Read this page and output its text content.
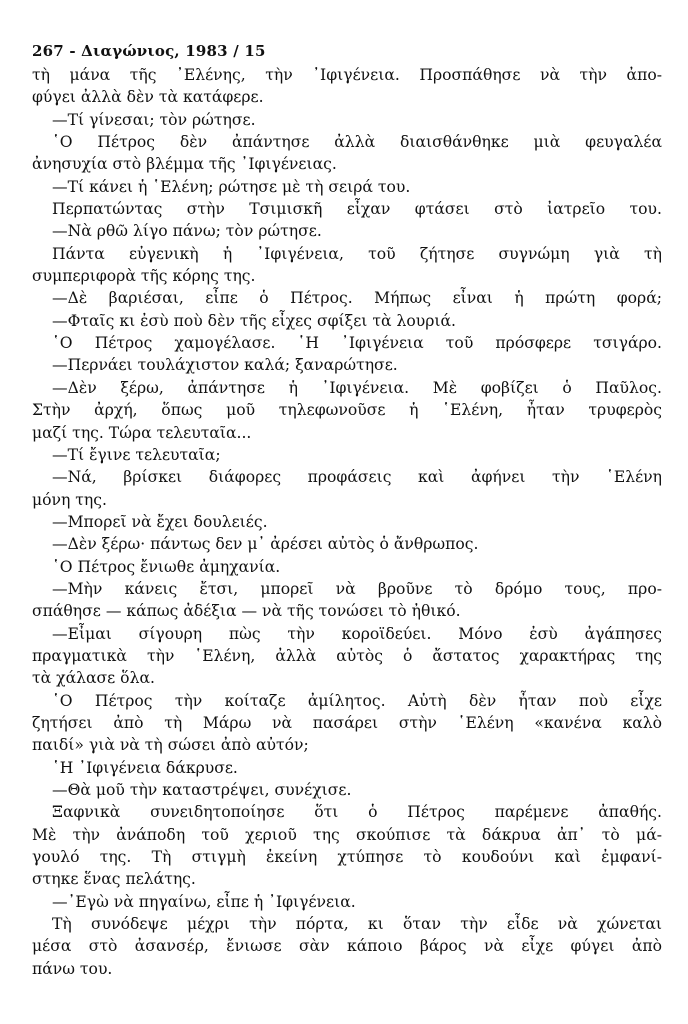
267 - Διαγώνιος, 1983 / 15
τὴ μάνα τῆς ᾿Ελένης, τὴν ᾿Ιφιγένεια. Προσπάθησε νὰ τὴν ἀπο-
φύγει ἀλλὰ δὲν τὰ κατάφερε.
—Τί γίνεσαι; τὸν ρώτησε.
῾Ο Πέτρος δὲν ἀπάντησε ἀλλὰ διαισθάνθηκε μιὰ φευγαλέα
ἀνησυχία στὸ βλέμμα τῆς ᾿Ιφιγένειας.
—Τί κάνει ἡ ῾Ελένη; ρώτησε μὲ τὴ σειρά του.
Περπατώντας στὴν Τσιμισκῆ εἶχαν φτάσει στὸ ἰατρεῖο του.
—Νὰ ρθῶ λίγο πάνω; τὸν ρώτησε.
Πάντα εὐγενικὴ ἡ ᾿Ιφιγένεια, τοῦ ζήτησε συγνώμη γιὰ τὴ
συμπεριφορὰ τῆς κόρης της.
—Δὲ βαριέσαι, εἶπε ὁ Πέτρος. Μήπως εἶναι ἡ πρώτη φορά;
—Φταῖς κι ἐσὺ ποὺ δὲν τῆς εἶχες σφίξει τὰ λουριά.
῾Ο Πέτρος χαμογέλασε. ῾Η ᾿Ιφιγένεια τοῦ πρόσφερε τσιγάρο.
—Περνάει τουλάχιστον καλά; ξαναρώτησε.
—Δὲν ξέρω, ἀπάντησε ἡ ᾿Ιφιγένεια. Μὲ φοβίζει ὁ Παῦλος.
Στὴν ἀρχή, ὅπως μοῦ τηλεφωνοῦσε ἡ ῾Ελένη, ἦταν τρυφερὸς
μαζί της. Τώρα τελευταῖα...
—Τί ἔγινε τελευταῖα;
—Νά, βρίσκει διάφορες προφάσεις καὶ ἀφήνει τὴν ῾Ελένη
μόνη της.
—Μπορεῖ νὰ ἔχει δουλειές.
—Δὲν ξέρω· πάντως δεν μ᾿ ἀρέσει αὐτὸς ὁ ἄνθρωπος.
῾Ο Πέτρος ἔνιωθε ἀμηχανία.
—Μὴν κάνεις ἔτσι, μπορεῖ νὰ βροῦνε τὸ δρόμο τους, προ-
σπάθησε — κάπως ἀδέξια — νὰ τῆς τονώσει τὸ ἠθικό.
—Εἶμαι σίγουρη πὼς τὴν κοροϊδεύει. Μόνο ἐσὺ ἀγάπησες
πραγματικὰ τὴν ῾Ελένη, ἀλλὰ αὐτὸς ὁ ἄστατος χαρακτήρας της
τὰ χάλασε ὅλα.
῾Ο Πέτρος τὴν κοίταζε ἀμίλητος. Αὐτὴ δὲν ἦταν ποὺ εἶχε
ζητήσει ἀπὸ τὴ Μάρω νὰ πασάρει στὴν ῾Ελένη «κανένα καλὸ
παιδί» γιὰ νὰ τὴ σώσει ἀπὸ αὐτόν;
῾Η ᾿Ιφιγένεια δάκρυσε.
—Θὰ μοῦ τὴν καταστρέψει, συνέχισε.
Ξαφνικὰ συνειδητοποίησε ὅτι ὁ Πέτρος παρέμενε ἀπαθής.
Μὲ τὴν ἀνάποδη τοῦ χεριοῦ της σκούπισε τὰ δάκρυα ἀπ᾿ τὸ μά-
γουλό της. Τὴ στιγμὴ ἐκείνη χτύπησε τὸ κουδούνι καὶ ἐμφανί-
στηκε ἕνας πελάτης.
—᾿Εγὼ νὰ πηγαίνω, εἶπε ἡ ᾿Ιφιγένεια.
Τὴ συνόδεψε μέχρι τὴν πόρτα, κι ὅταν τὴν εἶδε νὰ χώνεται
μέσα στὸ ἀσανσέρ, ἔνιωσε σὰν κάποιο βάρος νὰ εἶχε φύγει ἀπὸ
πάνω του.
